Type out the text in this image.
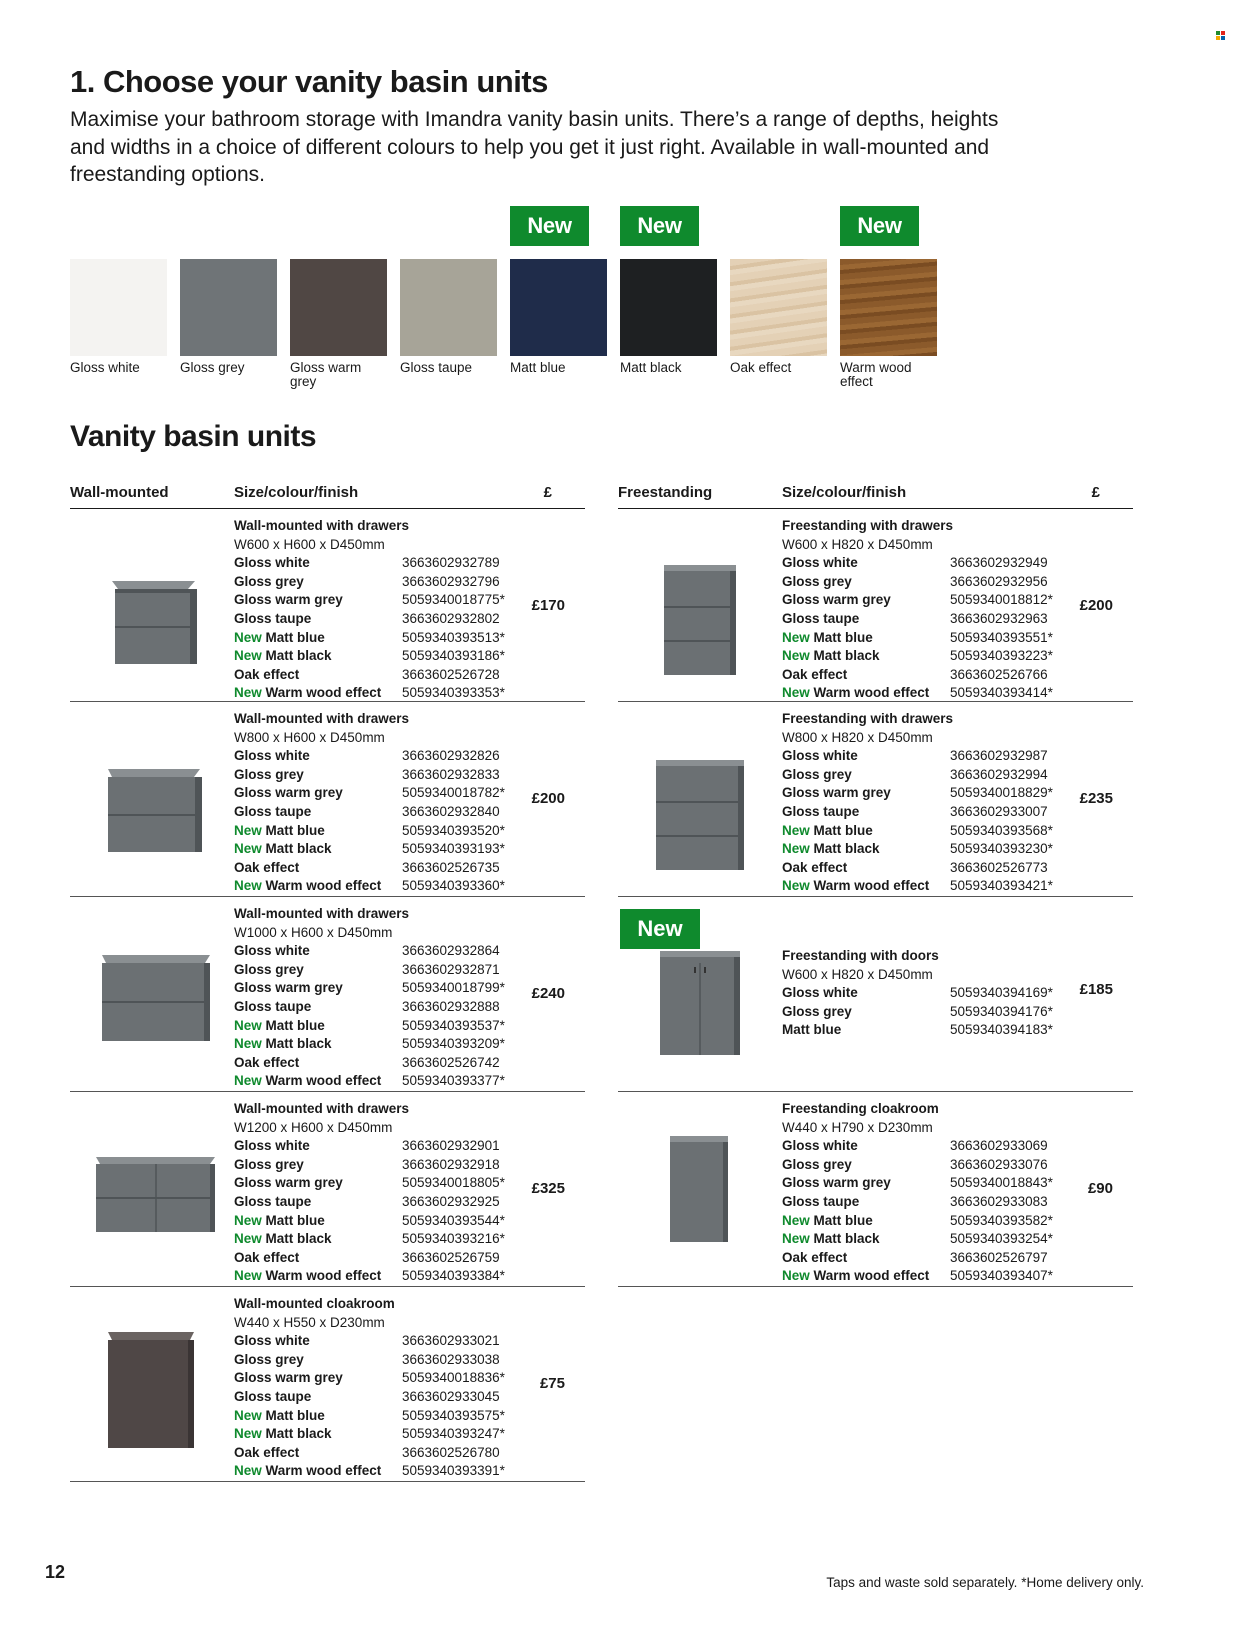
1. Choose your vanity basin units

Maximise your bathroom storage with Imandra vanity basin units. There’s a range of depths, heights and widths in a choice of different colours to help you get it just right. Available in wall-mounted and freestanding options.

Gloss white	Gloss grey	Gloss warm grey
Gloss taupe
New
Matt blue
New
Matt black	Oak effect
New
Warm wood effect
Vanity basin units
Wall-mounted	Size/colour/finish	£
Wall-mounted with drawers
W600 x H600 x D450mm
Gloss white	3663602932789
Gloss grey	3663602932796
Gloss warm grey	5059340018775*
Gloss taupe	3663602932802
New Matt blue	5059340393513*
New Matt black	5059340393186*
Oak effect	3663602526728
New Warm wood effect 5059340393353*
£170
Wall-mounted with drawers
W800 x H600 x D450mm
Gloss white	3663602932826
Gloss grey	3663602932833
Gloss warm grey	5059340018782*
Gloss taupe	3663602932840
New Matt blue	5059340393520*
New Matt black	5059340393193*
Oak effect	3663602526735
New Warm wood effect 5059340393360*
£200
Wall-mounted with drawers
W1000 x H600 x D450mm
Gloss white	3663602932864
Gloss grey	3663602932871
Gloss warm grey	5059340018799*
Gloss taupe	3663602932888
New Matt blue	5059340393537*
New Matt black	5059340393209*
Oak effect	3663602526742
New Warm wood effect 5059340393377*
£240
Wall-mounted with drawers
W1200 x H600 x D450mm
Gloss white	3663602932901
Gloss grey	3663602932918
Gloss warm grey	5059340018805*
Gloss taupe	3663602932925
New Matt blue	5059340393544*
New Matt black	5059340393216*
Oak effect	3663602526759
New Warm wood effect 5059340393384*
£325
Wall-mounted cloakroom
W440 x H550 x D230mm
Gloss white	3663602933021
Gloss grey	3663602933038
Gloss warm grey	5059340018836*
Gloss taupe	3663602933045
New Matt blue	5059340393575*
New Matt black	5059340393247*
Oak effect	3663602526780
New Warm wood effect 5059340393391*
£75
Freestanding	Size/colour/finish	£
Freestanding with drawers
W600 x H820 x D450mm
Gloss white	3663602932949
Gloss grey	3663602932956
Gloss warm grey	5059340018812*
Gloss taupe	3663602932963
New Matt blue	5059340393551*
New Matt black	5059340393223*
Oak effect	3663602526766
New Warm wood effect 5059340393414*
£200
Freestanding with drawers
W800 x H820 x D450mm
Gloss white	3663602932987
Gloss grey	3663602932994
Gloss warm grey	5059340018829*
Gloss taupe	3663602933007
New Matt blue	5059340393568*
New Matt black	5059340393230*
Oak effect	3663602526773
New Warm wood effect 5059340393421*
£235
New
Freestanding with doors
W600 x H820 x D450mm
Gloss white	5059340394169*
Gloss grey	5059340394176*
Matt blue	5059340394183*
£185
Freestanding cloakroom
W440 x H790 x D230mm
Gloss white	3663602933069
Gloss grey	3663602933076
Gloss warm grey	5059340018843*
Gloss taupe	3663602933083
New Matt blue	5059340393582*
New Matt black	5059340393254*
Oak effect	3663602526797
New Warm wood effect 5059340393407*
£90
12
Taps and waste sold separately. *Home delivery only.
